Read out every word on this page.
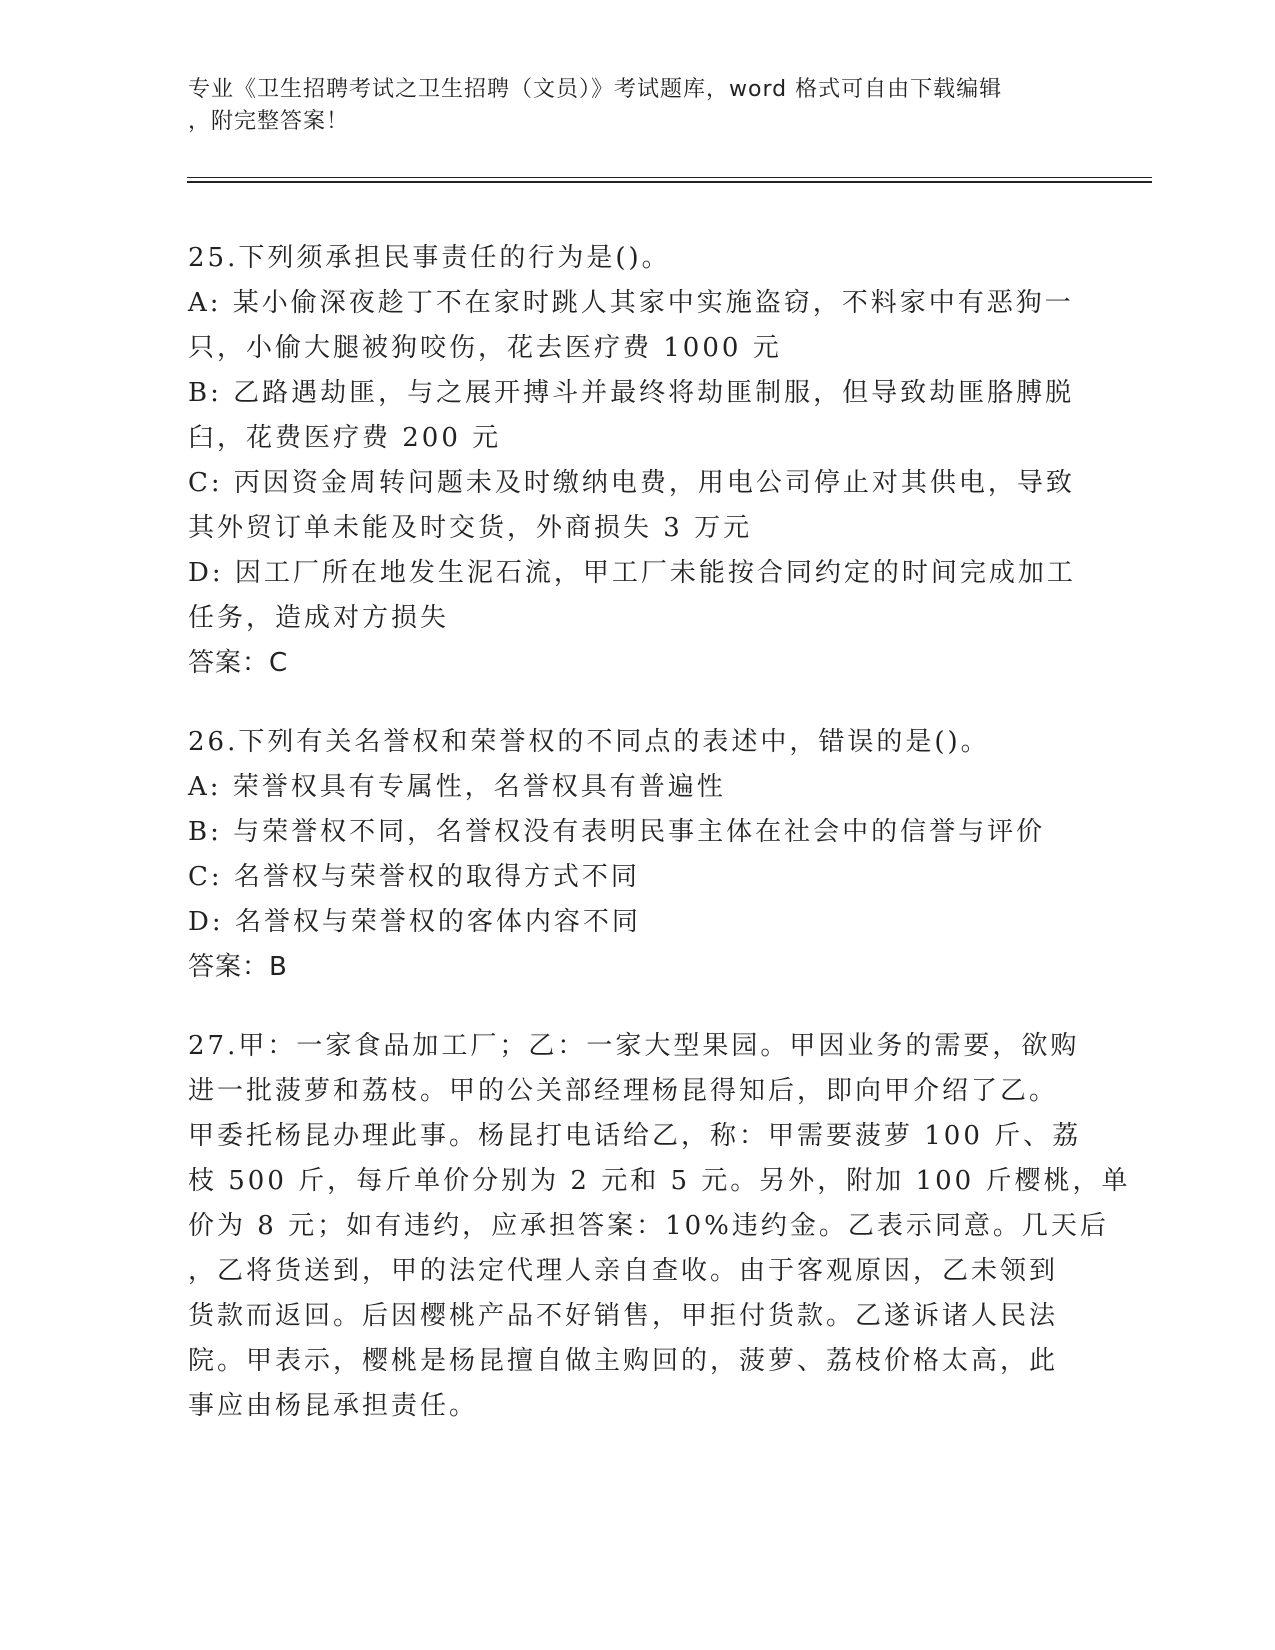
专业《卫生招聘考试之卫生招聘（文员）》考试题库，word 格式可自由下载编辑
，附完整答案！
25.下列须承担民事责任的行为是()。
A: 某小偷深夜趁丁不在家时跳人其家中实施盗窃，不料家中有恶狗一
只，小偷大腿被狗咬伤，花去医疗费 1000 元
B: 乙路遇劫匪，与之展开搏斗并最终将劫匪制服，但导致劫匪胳膊脱
臼，花费医疗费 200 元
C: 丙因资金周转问题未及时缴纳电费，用电公司停止对其供电，导致
其外贸订单未能及时交货，外商损失 3 万元
D: 因工厂所在地发生泥石流，甲工厂未能按合同约定的时间完成加工
任务，造成对方损失
答案：C
26.下列有关名誉权和荣誉权的不同点的表述中，错误的是()。
A: 荣誉权具有专属性，名誉权具有普遍性
B: 与荣誉权不同，名誉权没有表明民事主体在社会中的信誉与评价
C: 名誉权与荣誉权的取得方式不同
D: 名誉权与荣誉权的客体内容不同
答案：B
27.甲：一家食品加工厂；乙：一家大型果园。甲因业务的需要，欲购
进一批菠萝和荔枝。甲的公关部经理杨昆得知后，即向甲介绍了乙。
甲委托杨昆办理此事。杨昆打电话给乙，称：甲需要菠萝 100 斤、荔
枝 500 斤，每斤单价分别为 2 元和 5 元。另外，附加 100 斤樱桃，单
价为 8 元；如有违约，应承担答案：10%违约金。乙表示同意。几天后
，乙将货送到，甲的法定代理人亲自查收。由于客观原因，乙未领到
货款而返回。后因樱桃产品不好销售，甲拒付货款。乙遂诉诸人民法
院。甲表示，樱桃是杨昆擅自做主购回的，菠萝、荔枝价格太高，此
事应由杨昆承担责任。
